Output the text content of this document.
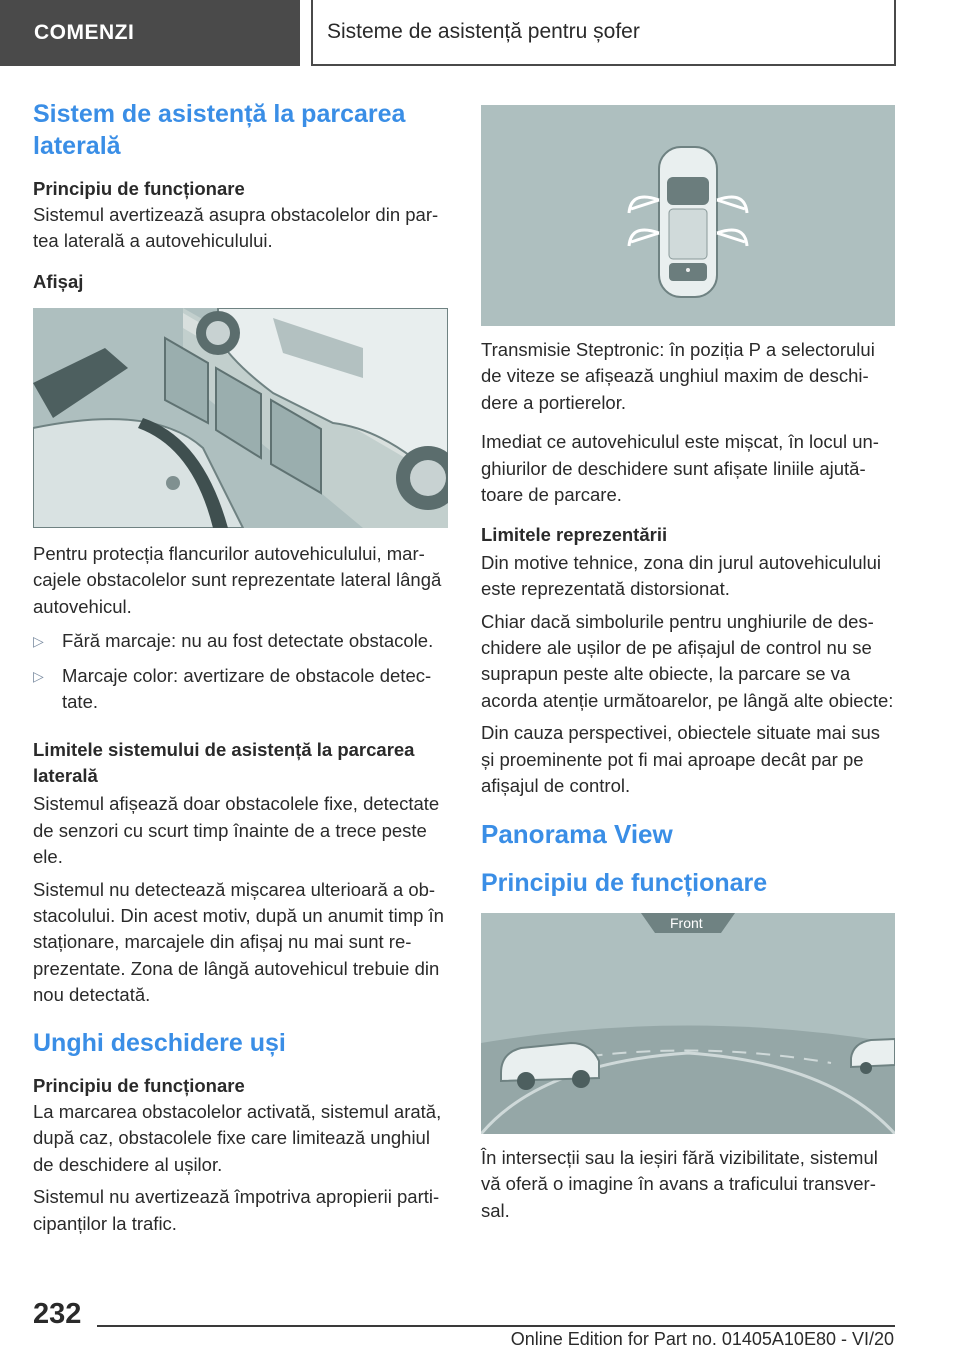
COMENZI	Sisteme de asistență pentru șofer
Sistem de asistență la parcarea laterală
Principiu de funcționare

Sistemul avertizează asupra obstacolelor din par-tea laterală a autovehiculului.

Afișaj

Pentru protecția flancurilor autovehiculului, mar-cajele obstacolelor sunt reprezentate lateral lângă autovehicul.

▷ Fără marcaje: nu au fost detectate obstacole.
▷ Marcaje color: avertizare de obstacole detec-tate.
Limitele sistemului de asistență la parcarea laterală

Sistemul afișează doar obstacolele fixe, detectate de senzori cu scurt timp înainte de a trece peste ele.

Sistemul nu detectează mișcarea ulterioară a ob-stacolului. Din acest motiv, după un anumit timp în staționare, marcajele din afișaj nu mai sunt re-prezentate. Zona de lângă autovehicul trebuie din nou detectată.

Unghi deschidere uși
Principiu de funcționare

La marcarea obstacolelor activată, sistemul arată, după caz, obstacolele fixe care limitează unghiul de deschidere al ușilor.

Sistemul nu avertizează împotriva apropierii parti-cipanților la trafic.

Transmisie Steptronic: în poziția P a selectorului de viteze se afișează unghiul maxim de deschi-dere a portierelor.

Imediat ce autovehiculul este mișcat, în locul un-ghiurilor de deschidere sunt afișate liniile ajută-toare de parcare.

Limitele reprezentării

Din motive tehnice, zona din jurul autovehiculului este reprezentată distorsionat.

Chiar dacă simbolurile pentru unghiurile de des-chidere ale ușilor de pe afișajul de control nu se suprapun peste alte obiecte, la parcare se va acorda atenție următoarelor, pe lângă alte obiecte:

Din cauza perspectivei, obiectele situate mai sus și proeminente pot fi mai aproape decât par pe afișajul de control.

Panorama View
Principiu de funcționare
Front

În intersecții sau la ieșiri fără vizibilitate, sistemul vă oferă o imagine în avans a traficului transver-sal.

232
Online Edition for Part no. 01405A10E80 - VI/20
